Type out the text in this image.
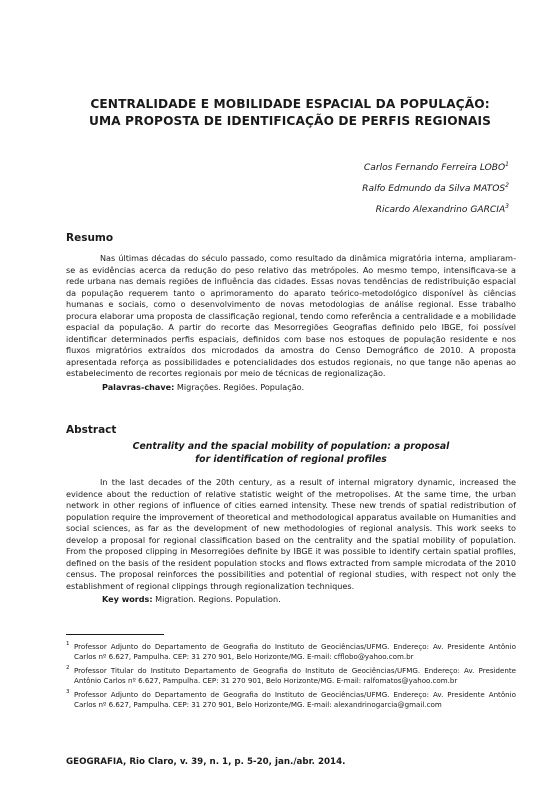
CENTRALIDADE E MOBILIDADE ESPACIAL DA POPULAÇÃO:
UMA PROPOSTA DE IDENTIFICAÇÃO DE PERFIS REGIONAIS
Carlos Fernando Ferreira LOBO$^1$
Ralfo Edmundo da Silva MATOS$^2$
Ricardo Alexandrino GARCIA$^3$
Resumo

Nas últimas décadas do século passado, como resultado da dinâmica migratória interna, ampliaram-se as evidências acerca da redução do peso relativo das metrópoles. Ao mesmo tempo, intensificava-se a rede urbana nas demais regiões de influência das cidades. Essas novas tendências de redistribuição espacial da população requerem tanto o aprimoramento do aparato teórico-metodológico disponível às ciências humanas e sociais, como o desenvolvimento de novas metodologias de análise regional. Esse trabalho procura elaborar uma proposta de classificação regional, tendo como referência a centralidade e a mobilidade espacial da população. A partir do recorte das Mesorregiões Geografias definido pelo IBGE, foi possível identificar determinados perfis espaciais, definidos com base nos estoques de população residente e nos fluxos migratórios extraídos dos microdados da amostra do Censo Demográfico de 2010. A proposta apresentada reforça as possibilidades e potencialidades dos estudos regionais, no que tange não apenas ao estabelecimento de recortes regionais por meio de técnicas de regionalização.

Palavras-chave: Migrações. Regiões. População.
Abstract
Centrality and the spacial mobility of population: a proposal
for identification of regional profiles

In the last decades of the 20th century, as a result of internal migratory dynamic, increased the evidence about the reduction of relative statistic weight of the metropolises. At the same time, the urban network in other regions of influence of cities earned intensity. These new trends of spatial redistribution of population require the improvement of theoretical and methodological apparatus available on Humanities and social sciences, as far as the development of new methodologies of regional analysis. This work seeks to develop a proposal for regional classification based on the centrality and the spatial mobility of population. From the proposed clipping in Mesorregiões definite by IBGE it was possible to identify certain spatial profiles, defined on the basis of the resident population stocks and flows extracted from sample microdata of the 2010 census. The proposal reinforces the possibilities and potential of regional studies, with respect not only the establishment of regional clippings through regionalization techniques.

Key words: Migration. Regions. Population.
1 Professor Adjunto do Departamento de Geografia do Instituto de Geociências/UFMG. Endereço: Av. Presidente Antônio Carlos nº 6.627, Pampulha. CEP: 31 270 901, Belo Horizonte/MG. E-mail: cfflobo@yahoo.com.br
2 Professor Titular do Instituto Departamento de Geografia do Instituto de Geociências/UFMG. Endereço: Av. Presidente Antônio Carlos nº 6.627, Pampulha. CEP: 31 270 901, Belo Horizonte/MG. E-mail: ralfomatos@yahoo.com.br
3 Professor Adjunto do Departamento de Geografia do Instituto de Geociências/UFMG. Endereço: Av. Presidente Antônio Carlos nº 6.627, Pampulha. CEP: 31 270 901, Belo Horizonte/MG. E-mail: alexandrinogarcia@gmail.com
GEOGRAFIA, Rio Claro, v. 39, n. 1, p. 5-20, jan./abr. 2014.
